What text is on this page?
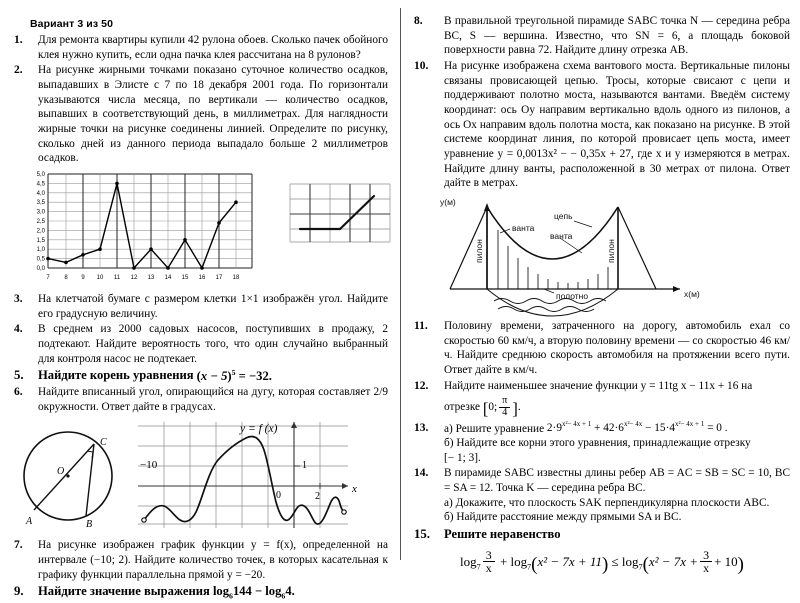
Вариант 3 из 50
1.	Для ремонта квартиры купили 42 рулона обоев. Сколько пачек обойного клея нужно купить, если одна пачка клея рассчитана на 8 рулонов?
2.	На рисунке жирными точками показано суточное количество осадков, выпадавших в Элисте с 7 по 18 декабря 2001 года. По горизонтали указываются числа месяца, по вертикали — количество осадков, выпавших в соответствующий день, в миллиметрах. Для наглядности жирные точки на рисунке соединены линией. Определите по рисунку, сколько дней из данного периода выпадало больше 2 миллиметров осадков.
5,0
4,5
4,0
3,5
3,0
2,5
2,0
1,5
1,0
0,5
0,0
7 8 9 10 11 12 13 14 15 16 17 18
3.	На клетчатой бумаге с размером клетки 1×1 изображён угол. Найдите его градусную величину.
4.	В среднем из 2000 садовых насосов, поступивших в продажу, 2 подтекают. Найдите вероятность того, что один случайно выбранный для контроля насос не подтекает.
5.	Найдите корень уравнения $(x - 5)^5 = -32$.
6.	Найдите вписанный угол, опирающийся на дугу, которая составляет 2/9 окружности. Ответ дайте в градусах.
O
A	B
C
y = f (x)
−10
0
1
2
x
7.	На рисунке изображен график функции y = f(x), определенной на интервале (−10; 2). Найдите количество точек, в которых касательная к графику функции параллельна прямой y = −20.
9.	Найдите значение выражения $\log_6144 - \log_64$.
8.	В правильной треугольной пирамиде SABC точка N — середина ребра BC, S — вершина. Известно, что SN = 6, а площадь боковой поверхности равна 72. Найдите длину отрезка AB.
10.	На рисунке изображена схема вантового моста. Вертикальные пилоны связаны провисающей цепью. Тросы, которые свисают с цепи и поддерживают полотно моста, называются вантами. Введём систему координат: ось Oy направим вертикально вдоль одного из пилонов, а ось Ox направим вдоль полотна моста, как показано на рисунке. В этой системе координат линия, по которой провисает цепь моста, имеет уравнение y = 0,0013x² − − 0,35x + 27, где x и y измеряются в метрах. Найдите длину ванты, расположенной в 30 метрах от пилона. Ответ дайте в метрах.
y(м)
x(м)
ванта
цепь
ванта
полотно
пилон	пилон
11.	Половину времени, затраченного на дорогу, автомобиль ехал со скоростью 60 км/ч, а вторую половину времени — со скоростью 46 км/ч. Найдите среднюю скорость автомобиля на протяжении всего пути. Ответ дайте в км/ч.
12.	Найдите наименьшее значение функции y = 11tg x − 11x + 16 на
отрезке [0; $\frac{\pi}{4}$ ].
13.	а) Решите уравнение $2\cdot 9^{x^2- 4x + 1} + 42\cdot 6^{x^2- 4x} - 15\cdot 4^{x^2- 4x + 1} = 0$ .
б) Найдите все корни этого уравнения, принадлежащие отрезку
[− 1; 3].
14.	В пирамиде SABC известны длины ребер AB = AC = SB = SC = 10, BC = SA = 12. Точка K — середина ребра BC.
а) Докажите, что плоскость SAK перпендикулярна плоскости ABC.
б) Найдите расстояние между прямыми SA и BC.
15.	Решите неравенство
$\log_7 \frac{3}{x} + \log_7(x^2 - 7x + 11) \le \log_7(x^2 - 7x + \frac{3}{x} + 10)$
